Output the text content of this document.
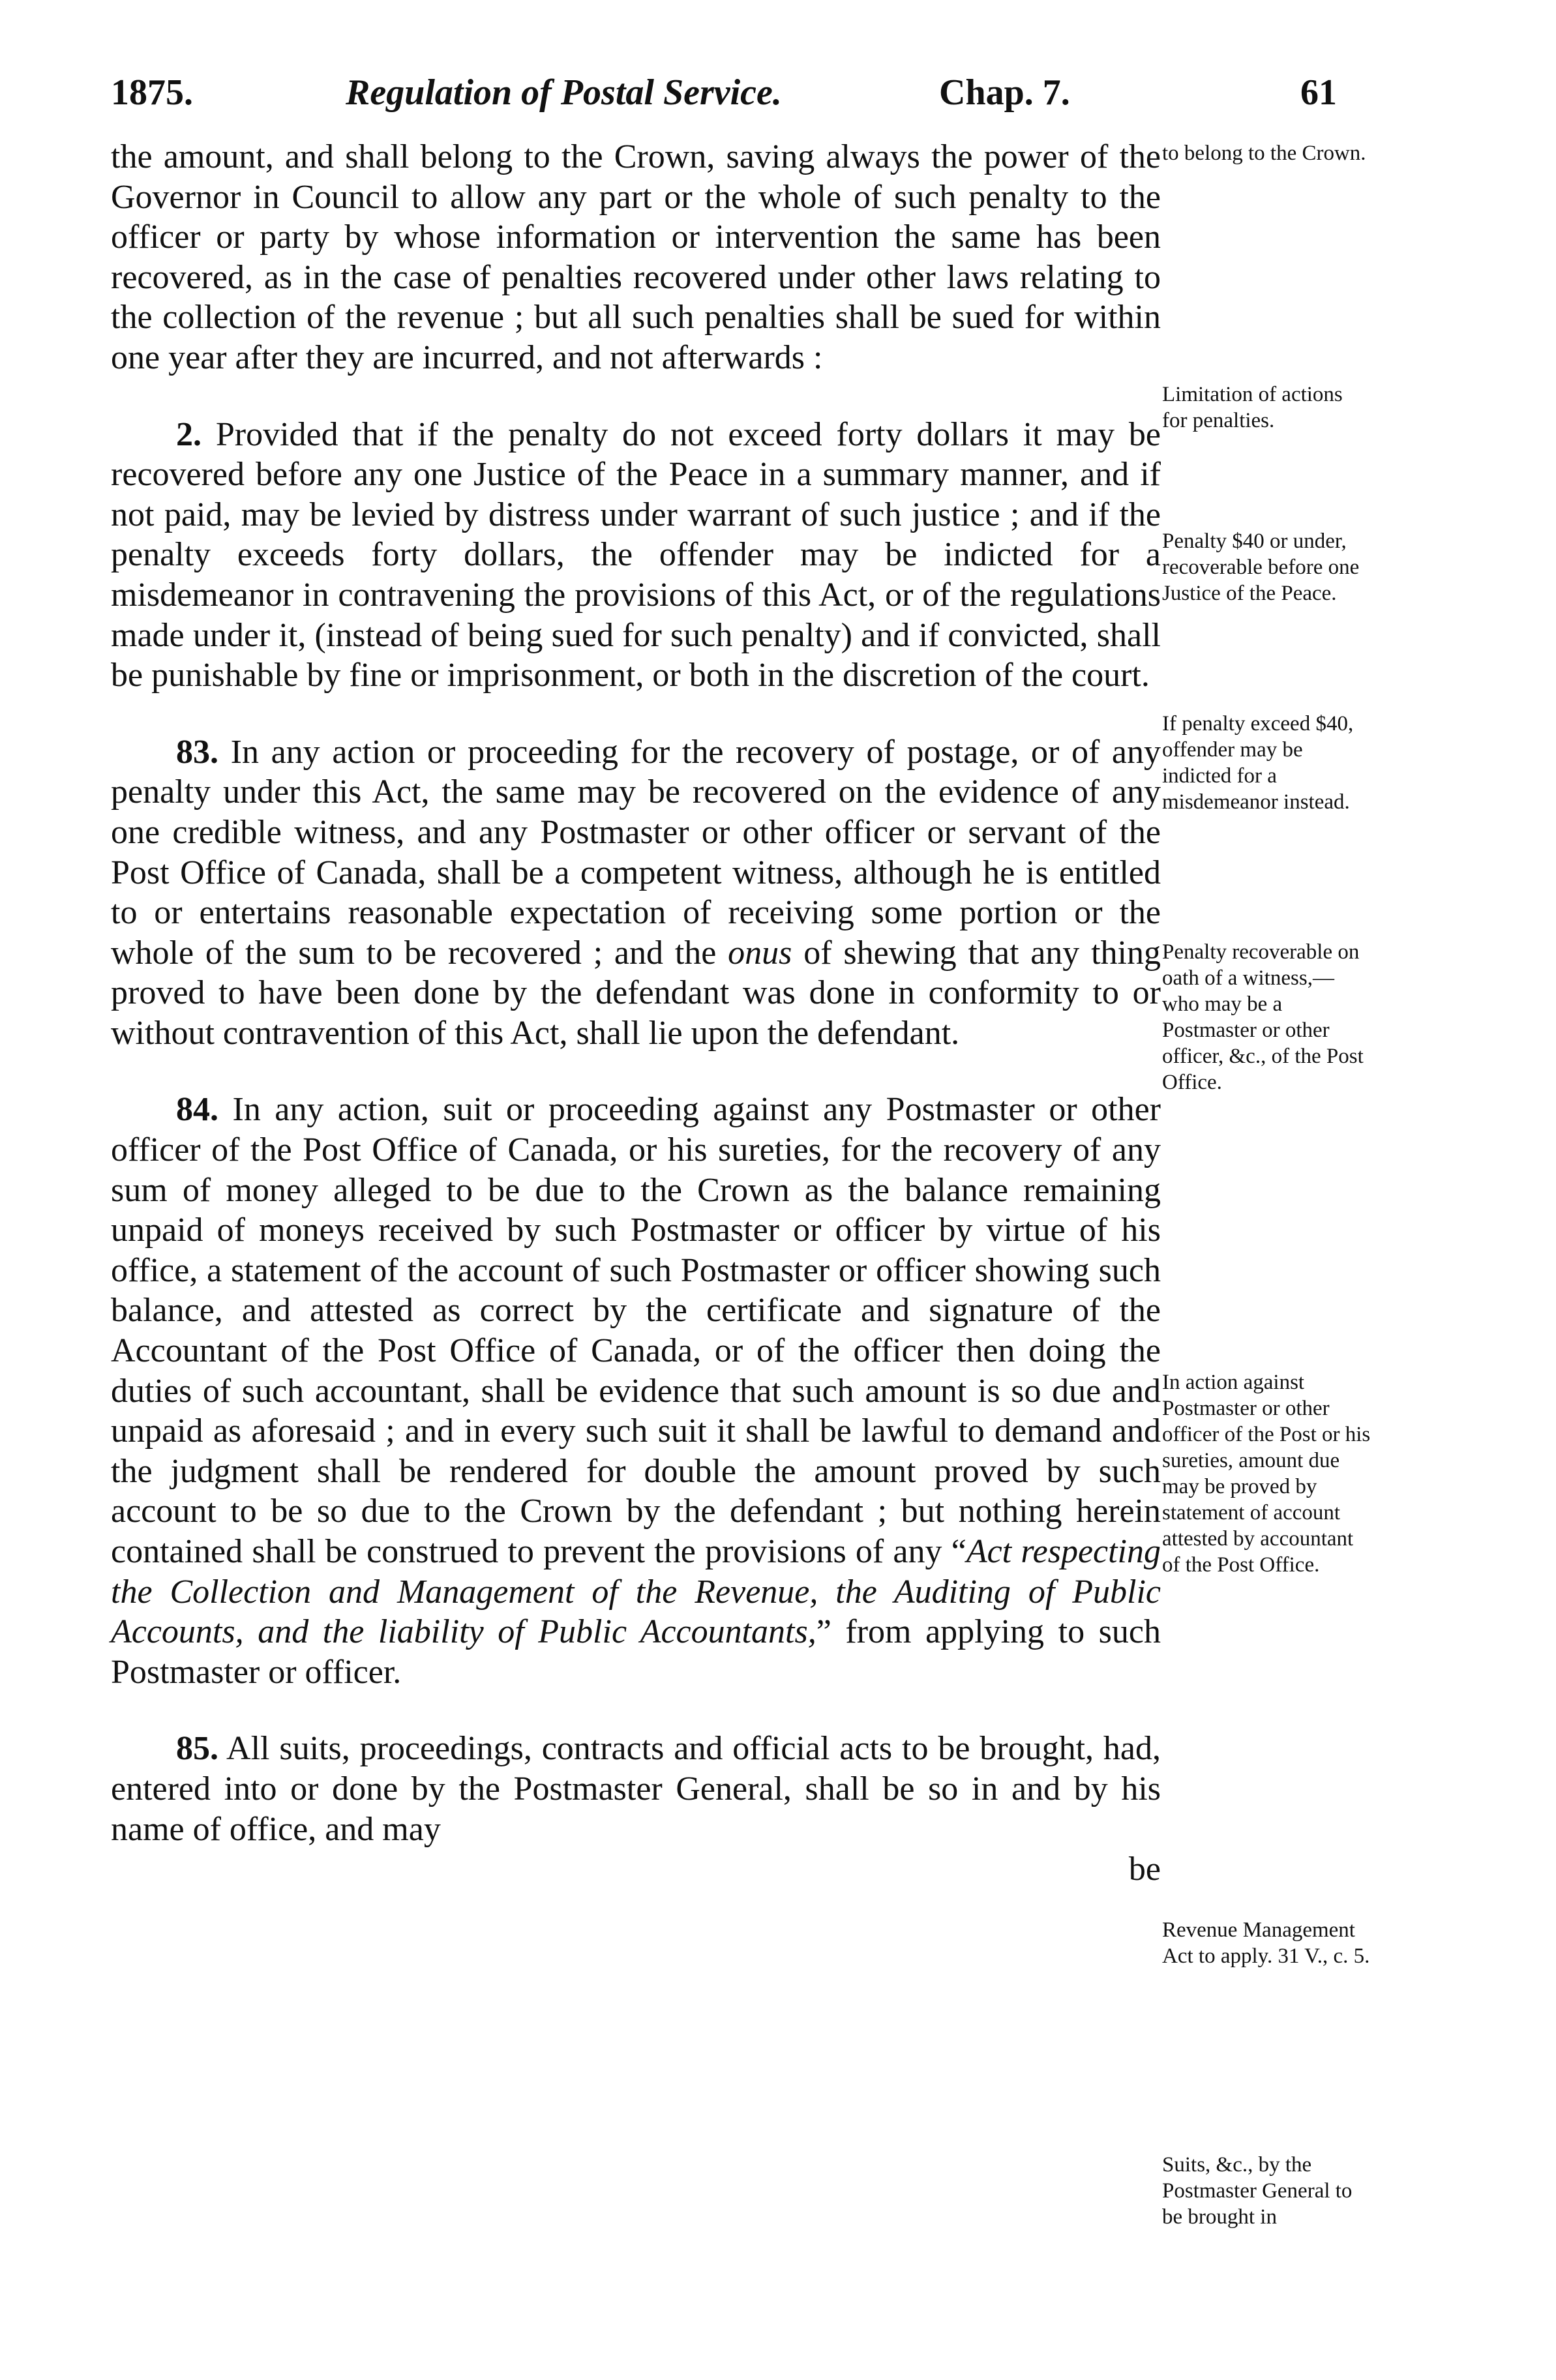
1875.	Regulation of Postal Service.	Chap. 7.	61

the amount, and shall belong to the Crown, saving always the power of the Governor in Council to allow any part or the whole of such penalty to the officer or party by whose information or intervention the same has been recovered, as in the case of penalties recovered under other laws relating to the collection of the revenue ; but all such penalties shall be sued for within one year after they are incurred, and not afterwards :

2. Provided that if the penalty do not exceed forty dollars it may be recovered before any one Justice of the Peace in a summary manner, and if not paid, may be levied by distress under warrant of such justice ; and if the penalty exceeds forty dollars, the offender may be indicted for a misdemeanor in contravening the provisions of this Act, or of the regulations made under it, (instead of being sued for such penalty) and if convicted, shall be punishable by fine or imprisonment, or both in the discretion of the court.

83. In any action or proceeding for the recovery of postage, or of any penalty under this Act, the same may be recovered on the evidence of any one credible witness, and any Postmaster or other officer or servant of the Post Office of Canada, shall be a competent witness, although he is entitled to or entertains reasonable expectation of receiving some portion or the whole of the sum to be recovered ; and the onus of shewing that any thing proved to have been done by the defendant was done in conformity to or without contravention of this Act, shall lie upon the defendant.

84. In any action, suit or proceeding against any Postmaster or other officer of the Post Office of Canada, or his sureties, for the recovery of any sum of money alleged to be due to the Crown as the balance remaining unpaid of moneys received by such Postmaster or officer by virtue of his office, a statement of the account of such Postmaster or officer showing such balance, and attested as correct by the certificate and signature of the Accountant of the Post Office of Canada, or of the officer then doing the duties of such accountant, shall be evidence that such amount is so due and unpaid as aforesaid ; and in every such suit it shall be lawful to demand and the judgment shall be rendered for double the amount proved by such account to be so due to the Crown by the defendant ; but nothing herein contained shall be construed to prevent the provisions of any “Act respecting the Collection and Management of the Revenue, the Auditing of Public Accounts, and the liability of Public Accountants,” from applying to such Postmaster or officer.

85. All suits, proceedings, contracts and official acts to be brought, had, entered into or done by the Postmaster General, shall be so in and by his name of office, and may

be

to belong to the Crown.
Limitation of actions for penalties.
Penalty $40 or under, recoverable before one Justice of the Peace.
If penalty exceed $40, offender may be indicted for a misdemeanor instead.
Penalty recoverable on oath of a witness,—who may be a Postmaster or other officer, &c., of the Post Office.
In action against Postmaster or other officer of the Post or his sureties, amount due may be proved by statement of account attested by accountant of the Post Office.
Revenue Management Act to apply. 31 V., c. 5.
Suits, &c., by the Postmaster General to be brought in
